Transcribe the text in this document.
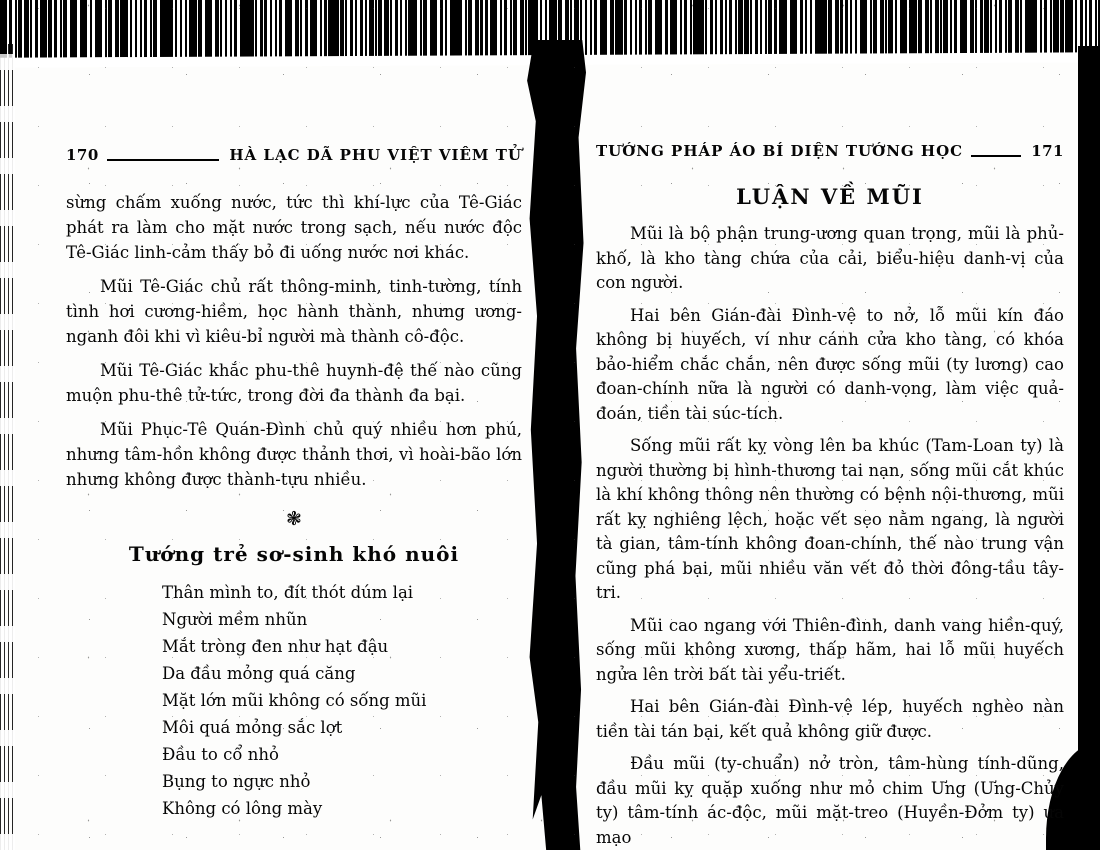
170	HÀ LẠC DÃ PHU VIỆT VIÊM TỬ

sừng chấm xuống nước, tức thì khí-lực của Tê-Giác phát ra làm cho mặt nước trong sạch, nếu nước độc Tê-Giác linh-cảm thấy bỏ đi uống nước nơi khác.

Mũi Tê-Giác chủ rất thông-minh, tinh-tường, tính tình hơi cương-hiềm, học hành thành, nhưng ương-nganh đôi khi vì kiêu-bỉ người mà thành cô-độc.

Mũi Tê-Giác khắc phu-thê huynh-đệ thế nào cũng muộn phu-thê tử-tức, trong đời đa thành đa bại.

Mũi Phục-Tê Quán-Đình chủ quý nhiều hơn phú, nhưng tâm-hồn không được thảnh thơi, vì hoài-bão lớn nhưng không được thành-tựu nhiều.

❃
Tướng trẻ sơ-sinh khó nuôi
Thân mình to, đít thót dúm lại
Người mềm nhũn
Mắt tròng đen như hạt đậu
Da đầu mỏng quá căng
Mặt lớn mũi không có sống mũi
Môi quá mỏng sắc lợt
Đầu to cổ nhỏ
Bụng to ngực nhỏ
Không có lông mày
TƯỚNG PHÁP ÁO BÍ DIỆN TƯỚNG HỌC	171
LUẬN VỀ MŨI

Mũi là bộ phận trung-ương quan trọng, mũi là phủ-khố, là kho tàng chứa của cải, biểu-hiệu danh-vị của con người.

Hai bên Gián-đài Đình-vệ to nở, lỗ mũi kín đáo không bị huyếch, ví như cánh cửa kho tàng, có khóa bảo-hiểm chắc chắn, nên được sống mũi (ty lương) cao đoan-chính nữa là người có danh-vọng, làm việc quả-đoán, tiền tài súc-tích.

Sống mũi rất kỵ vòng lên ba khúc (Tam-Loan ty) là người thường bị hình-thương tai nạn, sống mũi cắt khúc là khí không thông nên thường có bệnh nội-thương, mũi rất kỵ nghiêng lệch, hoặc vết sẹo nằm ngang, là người tà gian, tâm-tính không đoan-chính, thế nào trung vận cũng phá bại, mũi nhiều văn vết đỏ thời đông-tầu tây-tri.

Mũi cao ngang với Thiên-đình, danh vang hiền-quý, sống mũi không xương, thấp hãm, hai lỗ mũi huyếch ngửa lên trời bất tài yểu-triết.

Hai bên Gián-đài Đình-vệ lép, huyếch nghèo nàn tiền tài tán bại, kết quả không giữ được.

Đầu mũi (ty-chuẩn) nở tròn, tâm-hùng tính-dũng, đầu mũi kỵ quặp xuống như mỏ chim Ưng (Ưng-Chủy ty) tâm-tính ác-độc, mũi mặt-treo (Huyền-Đởm ty) ưa mạo
